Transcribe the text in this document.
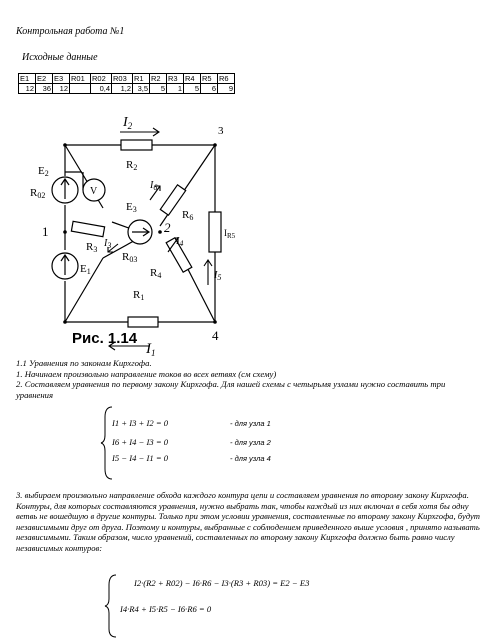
Контрольная работа №1
Исходные данные
E1	E2	E3	R01	R02	R03	R1	R2	R3	R4	R5	R6
12	36	12		0,4	1,2	3,5	5	1	5	6	9
$I_2$
R2
3
E2
R02	V
E3	R6
$I_6$
$I_{R5}$
1
R3
$I_3$
2
$I_4$
R03
R4	$I_5$
E1
R1
4
Рис. 1.14
$I_1$

1.1 Уравнения по законам Кирхгофа.

1. Начинаем произвольно направление токов во всех ветвях (см схему)

2. Составляем уравнения по первому закону Кирхгофа. Для нашей схемы с четырьмя узлами нужно составить три уравнения

I1 + I3 + I2 = 0	- для узла 1
I6 + I4 − I3 = 0	- для узла 2
I5 − I4 − I1 = 0	- для узла 4

3. выбираем произвольно направление обхода каждого контура цепи и составляем уравнения по второму закону Кирхгофа. Контуры, для которых составляются уравнения, нужно выбрать так, чтобы каждый из них включал в себя хотя бы одну ветвь не вошедшую в другие контуры. Только при этом условии уравнения, составленные по второму закону Кирхгофа, будут независимыми друг от друга. Поэтому и контуры, выбранные с соблюдением приведенного выше условия , принято называть независимыми. Таким образом, число уравнений, составленных по второму закону Кирхгофа должно быть равно числу независимых контуров:

I2·(R2 + R02) − I6·R6 − I3·(R3 + R03) = E2 − E3
I4·R4 + I5·R5 − I6·R6 = 0
